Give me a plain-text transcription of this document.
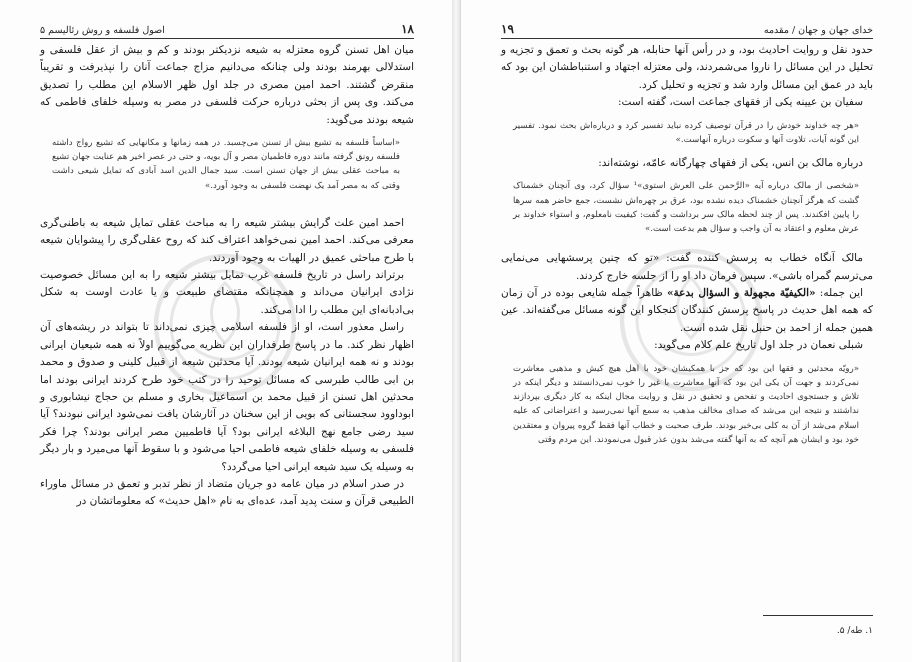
۱۸
اصول فلسفه و روش رئالیسم ۵

میان اهل تسنن گروه معتزله به شیعه نزدیکتر بودند و کم و بیش از عقل فلسفی و استدلالی بهرمند بودند ولی چنانکه می‌دانیم مزاج جماعت آنان را نپذیرفت و تقریباً منقرض گشتند. احمد امین مصری در جلد اول ظهر الاسلام این مطلب را تصدیق می‌کند. وی پس از بحثی درباره حرکت فلسفی در مصر به وسیله خلفای فاطمی که شیعه بودند می‌گوید:

«اساساً فلسفه به تشیع بیش از تسنن می‌چسبد. در همه زمانها و مکانهایی که تشیع رواج داشته فلسفه رونق گرفته مانند دوره فاطمیان مصر و آل بویه، و حتی در عصر اخیر هم عنایت جهان تشیع به مباحث عقلی بیش از جهان تسنن است. سید جمال الدین اسد آبادی که تمایل شیعی داشت وقتی که به مصر آمد یک نهضت فلسفی به وجود آورد.»

احمد امین علت گرایش بیشتر شیعه را به مباحث عقلی تمایل شیعه به باطنی‌گری معرفی می‌کند. احمد امین نمی‌خواهد اعتراف کند که روح عقلی‌گری را پیشوایان شیعه با طرح مباحثی عمیق در الهیات به وجود آوردند.

برتراند راسل در تاریخ فلسفه غرب تمایل بیشتر شیعه را به این مسائل خصوصیت نژادی ایرانیان می‌داند و همچنانکه مقتضای طبیعت و یا عادت اوست به شکل بی‌ادبانه‌ای این مطلب را ادا می‌کند.

راسل معذور است، او از فلسفه اسلامی چیزی نمی‌داند تا بتواند در ریشه‌های آن اظهار نظر کند. ما در پاسخ طرفداران این نظریه می‌گوییم اولاً نه همه شیعیان ایرانی بودند و نه همه ایرانیان شیعه بودند. آیا محدثین شیعه از قبیل کلینی و صدوق و محمد بن ابی طالب طبرسی که مسائل توحید را در کتب خود طرح کردند ایرانی بودند اما محدثین اهل تسنن از قبیل محمد بن اسماعیل بخاری و مسلم بن حجاج نیشابوری و ابوداوود سجستانی که بویی از این سخنان در آثارشان یافت نمی‌شود ایرانی نبودند؟ آیا سید رضی جامع نهج البلاغه ایرانی بود؟ آیا فاطمیین مصر ایرانی بودند؟ چرا فکر فلسفی به وسیله خلفای شیعه فاطمی احیا می‌شود و با سقوط آنها می‌میرد و بار دیگر به وسیله یک سید شیعه ایرانی احیا می‌گردد؟

در صدر اسلام در میان عامه دو جریان متضاد از نظر تدبر و تعمق در مسائل ماوراء الطبیعی قرآن و سنت پدید آمد، عده‌ای به نام «اهل حدیث» که معلوماتشان در

خدای جهان و جهان / مقدمه
۱۹

حدود نقل و روایت احادیث بود، و در رأس آنها حنابله، هر گونه بحث و تعمق و تجزیه و تحلیل در این مسائل را ناروا می‌شمردند، ولی معتزله اجتهاد و استنباطشان این بود که باید در عمق این مسائل وارد شد و تجزیه و تحلیل کرد.

سفیان بن عیینه یکی از فقهای جماعت است، گفته است:

«هر چه خداوند خودش را در قرآن توصیف کرده نباید تفسیر کرد و درباره‌اش بحث نمود. تفسیر این گونه آیات، تلاوت آنها و سکوت درباره آنهاست.»

درباره مالک بن انس، یکی از فقهای چهارگانه عامّه، نوشته‌اند:

«شخصی از مالک درباره آیه «الرَّحمن علی العرش استوی»¹ سؤال کرد، وی آنچنان خشمناک گشت که هرگز آنچنان خشمناک دیده نشده بود، عرق بر چهره‌اش نشست، جمع حاضر همه سرها را پایین افکندند. پس از چند لحظه مالک سر برداشت و گفت: کیفیت نامعلوم، و استواء خداوند بر عرش معلوم و اعتقاد به آن واجب و سؤال هم بدعت است.»

مالک آنگاه خطاب به پرسش کننده گفت: «تو که چنین پرسشهایی می‌نمایی می‌ترسم گمراه باشی». سپس فرمان داد او را از جلسه خارج کردند.

این جمله: «الکیفیّة مجهولة و السؤال بدعة» ظاهراً جمله شایعی بوده در آن زمان که همه اهل حدیث در پاسخ پرسش کنندگان کنجکاو این گونه مسائل می‌گفته‌اند. عین همین جمله از احمد بن حنبل نقل شده است.

شبلی نعمان در جلد اول تاریخ علم کلام می‌گوید:

«رویّه محدثین و فقها این بود که جز با همکیشان خود با اهل هیچ کیش و مذهبی معاشرت نمی‌کردند و جهت آن یکی این بود که آنها معاشرت با غیر را خوب نمی‌دانستند و دیگر اینکه در تلاش و جستجوی احادیث و تفحص و تحقیق در نقل و روایت مجال اینکه به کار دیگری بپردازند نداشتند و نتیجه این می‌شد که صدای مخالف مذهب به سمع آنها نمی‌رسید و اعتراضاتی که علیه اسلام می‌شد از آن به کلی بی‌خبر بودند. طرف صحبت و خطاب آنها فقط گروه پیروان و معتقدین خود بود و ایشان هم آنچه که به آنها گفته می‌شد بدون عذر قبول می‌نمودند. این مردم وقتی
۱. طه/ ۵.
